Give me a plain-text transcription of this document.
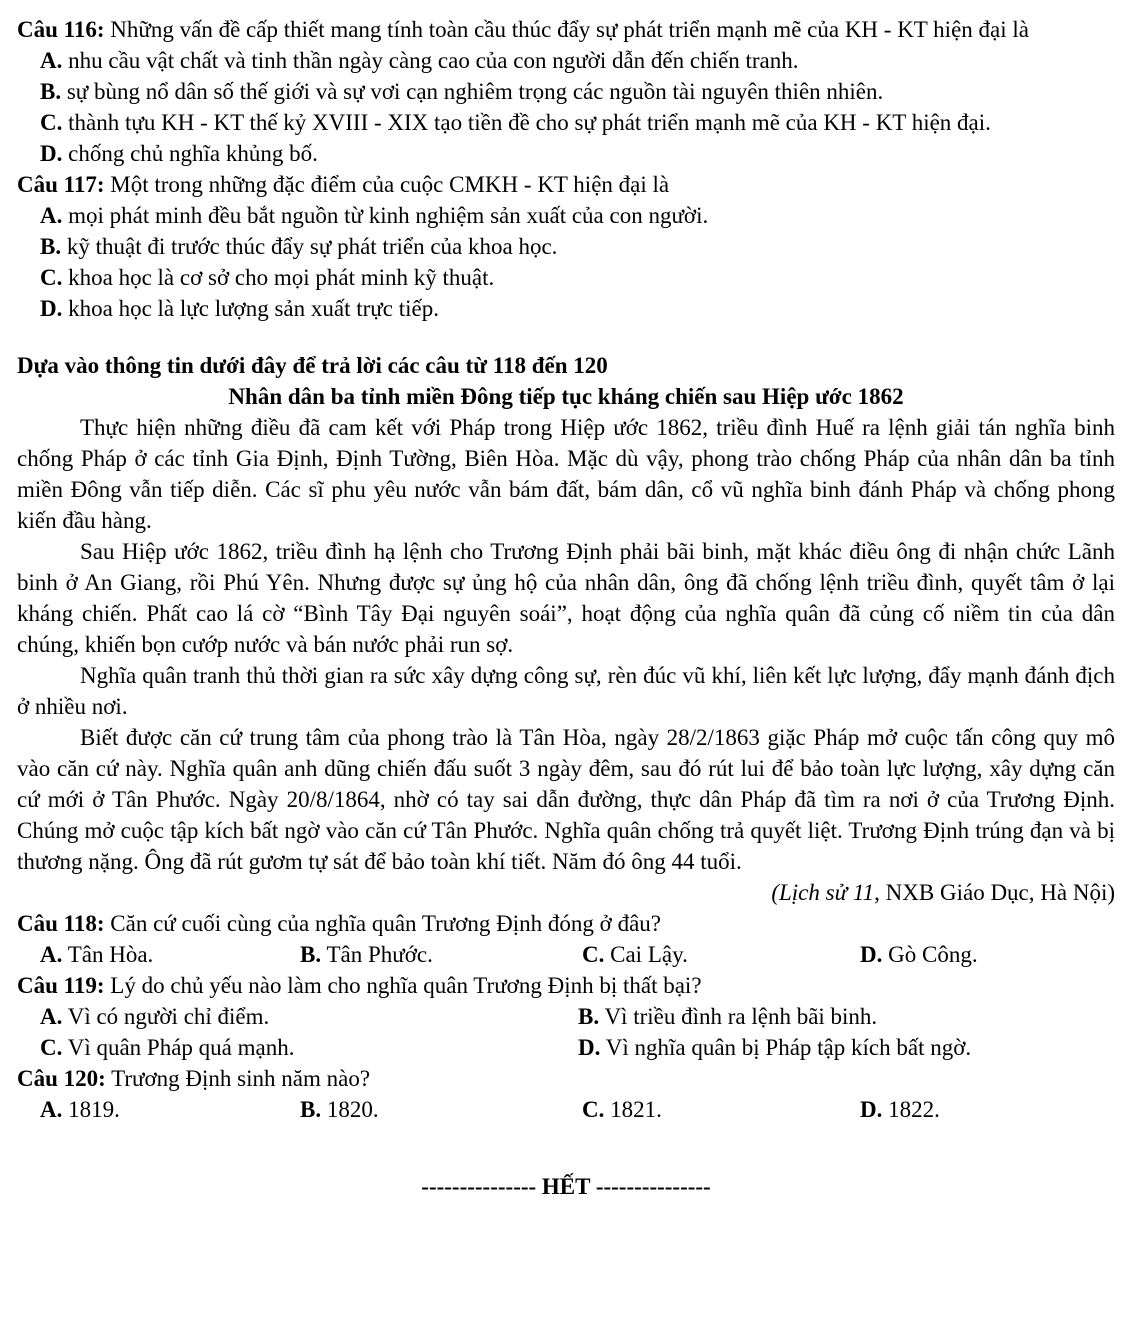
Câu 116: Những vấn đề cấp thiết mang tính toàn cầu thúc đẩy sự phát triển mạnh mẽ của KH - KT hiện đại là

A. nhu cầu vật chất và tinh thần ngày càng cao của con người dẫn đến chiến tranh.

B. sự bùng nổ dân số thế giới và sự vơi cạn nghiêm trọng các nguồn tài nguyên thiên nhiên.

C. thành tựu KH - KT thế kỷ XVIII - XIX tạo tiền đề cho sự phát triển mạnh mẽ của KH - KT hiện đại.

D. chống chủ nghĩa khủng bố.

Câu 117: Một trong những đặc điểm của cuộc CMKH - KT hiện đại là

A. mọi phát minh đều bắt nguồn từ kinh nghiệm sản xuất của con người.

B. kỹ thuật đi trước thúc đẩy sự phát triển của khoa học.

C. khoa học là cơ sở cho mọi phát minh kỹ thuật.

D. khoa học là lực lượng sản xuất trực tiếp.

Dựa vào thông tin dưới đây để trả lời các câu từ 118 đến 120

Nhân dân ba tỉnh miền Đông tiếp tục kháng chiến sau Hiệp ước 1862

Thực hiện những điều đã cam kết với Pháp trong Hiệp ước 1862, triều đình Huế ra lệnh giải tán nghĩa binh chống Pháp ở các tỉnh Gia Định, Định Tường, Biên Hòa. Mặc dù vậy, phong trào chống Pháp của nhân dân ba tỉnh miền Đông vẫn tiếp diễn. Các sĩ phu yêu nước vẫn bám đất, bám dân, cổ vũ nghĩa binh đánh Pháp và chống phong kiến đầu hàng.

Sau Hiệp ước 1862, triều đình hạ lệnh cho Trương Định phải bãi binh, mặt khác điều ông đi nhận chức Lãnh binh ở An Giang, rồi Phú Yên. Nhưng được sự ủng hộ của nhân dân, ông đã chống lệnh triều đình, quyết tâm ở lại kháng chiến. Phất cao lá cờ “Bình Tây Đại nguyên soái”, hoạt động của nghĩa quân đã củng cố niềm tin của dân chúng, khiến bọn cướp nước và bán nước phải run sợ.

Nghĩa quân tranh thủ thời gian ra sức xây dựng công sự, rèn đúc vũ khí, liên kết lực lượng, đẩy mạnh đánh địch ở nhiều nơi.

Biết được căn cứ trung tâm của phong trào là Tân Hòa, ngày 28/2/1863 giặc Pháp mở cuộc tấn công quy mô vào căn cứ này. Nghĩa quân anh dũng chiến đấu suốt 3 ngày đêm, sau đó rút lui để bảo toàn lực lượng, xây dựng căn cứ mới ở Tân Phước. Ngày 20/8/1864, nhờ có tay sai dẫn đường, thực dân Pháp đã tìm ra nơi ở của Trương Định. Chúng mở cuộc tập kích bất ngờ vào căn cứ Tân Phước. Nghĩa quân chống trả quyết liệt. Trương Định trúng đạn và bị thương nặng. Ông đã rút gươm tự sát để bảo toàn khí tiết. Năm đó ông 44 tuổi.

(Lịch sử 11, NXB Giáo Dục, Hà Nội)

Câu 118: Căn cứ cuối cùng của nghĩa quân Trương Định đóng ở đâu?

A. Tân Hòa.	B. Tân Phước.	C. Cai Lậy.	D. Gò Công.

Câu 119: Lý do chủ yếu nào làm cho nghĩa quân Trương Định bị thất bại?

A. Vì có người chỉ điểm.	B. Vì triều đình ra lệnh bãi binh.

C. Vì quân Pháp quá mạnh.	D. Vì nghĩa quân bị Pháp tập kích bất ngờ.

Câu 120: Trương Định sinh năm nào?

A. 1819.	B. 1820.	C. 1821.	D. 1822.

--------------- HẾT ---------------
